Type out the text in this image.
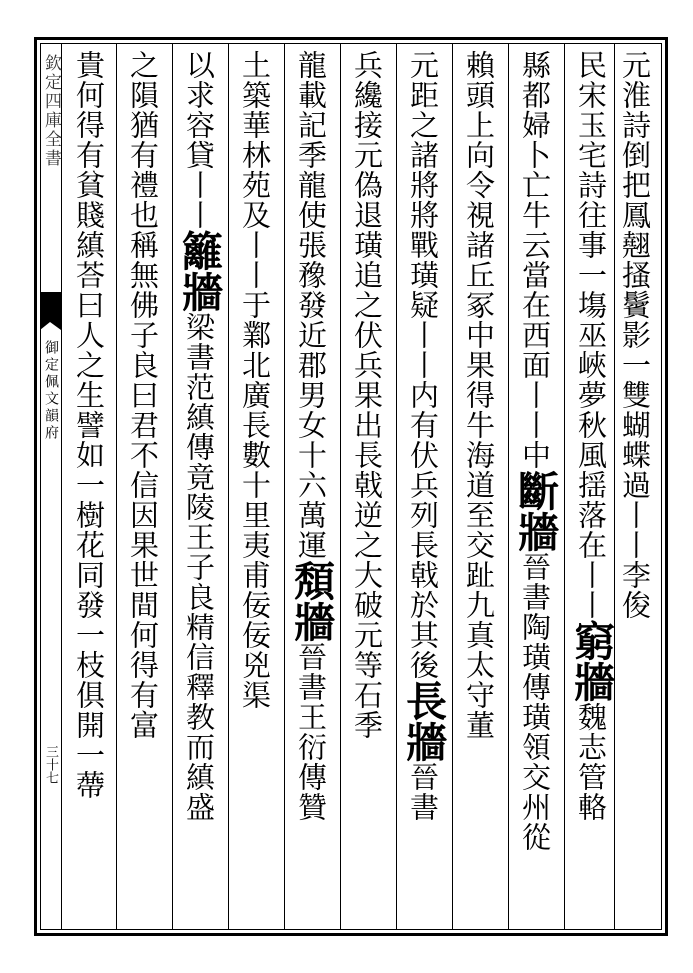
欽定四庫全書
御定佩文韻府
三十七
元淮詩倒把鳳翹搔鬢影一雙蝴蝶過丨丨李俊
民宋玉宅詩往事一塲巫峽夢秋風揺落在丨丨窮牆魏志管輅
縣都婦卜亡牛云當在西面丨丨中斷牆晉書陶璜傳璜領交州從
賴頭上向令視諸丘冢中果得牛海道至交趾九真太守董
元距之諸將將戰璜疑丨丨内有伏兵列長戟於其後長牆晉書
兵纔接元偽退璜追之伏兵果出長戟逆之大破元等石季
龍載記季龍使張䂊發近郡男女十六萬運頽牆晉書王衍傳贊
土築華林苑及丨丨于鄴北廣長數十里夷甫佞佞兇渠
以求容貸丨丨籬牆梁書范縝傳竟陵王子良精信釋教而縝盛
之隕猶有禮也稱無佛子良曰君不信因果世間何得有富
貴何得有貧賤縝荅曰人之生譬如一樹花同發一枝俱開一蔕
